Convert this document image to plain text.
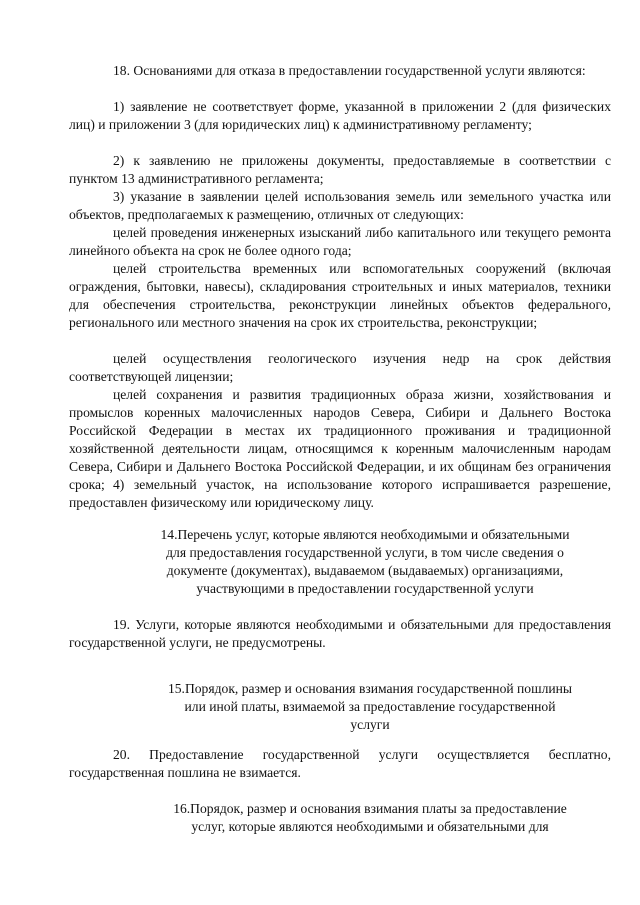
18. Основаниями для отказа в предоставлении государственной услуги являются:

1) заявление не соответствует форме, указанной в приложении 2 (для физических лиц) и приложении 3 (для юридических лиц) к административному регламенту;

2) к заявлению не приложены документы, предоставляемые в соответствии с пунктом 13 административного регламента;

3) указание в заявлении целей использования земель или земельного участка или объектов, предполагаемых к размещению, отличных от следующих:

целей проведения инженерных изысканий либо капитального или текущего ремонта линейного объекта на срок не более одного года;

целей строительства временных или вспомогательных сооружений (включая ограждения, бытовки, навесы), складирования строительных и иных материалов, техники для обеспечения строительства, реконструкции линейных объектов федерального, регионального или местного значения на срок их строительства, реконструкции;

целей осуществления геологического изучения недр на срок действия соответствующей лицензии;

целей сохранения и развития традиционных образа жизни, хозяйствования и промыслов коренных малочисленных народов Севера, Сибири и Дальнего Востока Российской Федерации в местах их традиционного проживания и традиционной хозяйственной деятельности лицам, относящимся к коренным малочисленным народам Севера, Сибири и Дальнего Востока Российской Федерации, и их общинам без ограничения срока; 4) земельный участок, на использование которого испрашивается разрешение, предоставлен физическому или юридическому лицу.

14.Перечень услуг, которые являются необходимыми и обязательными
для предоставления государственной услуги, в том числе сведения о
документе (документах), выдаваемом (выдаваемых) организациями,
участвующими в предоставлении государственной услуги

19. Услуги, которые являются необходимыми и обязательными для предоставления государственной услуги, не предусмотрены.

15.Порядок, размер и основания взимания государственной пошлины
или иной платы, взимаемой за предоставление государственной
услуги

20. Предоставление государственной услуги осуществляется бесплатно, государственная пошлина не взимается.

16.Порядок, размер и основания взимания платы за предоставление
услуг, которые являются необходимыми и обязательными для
